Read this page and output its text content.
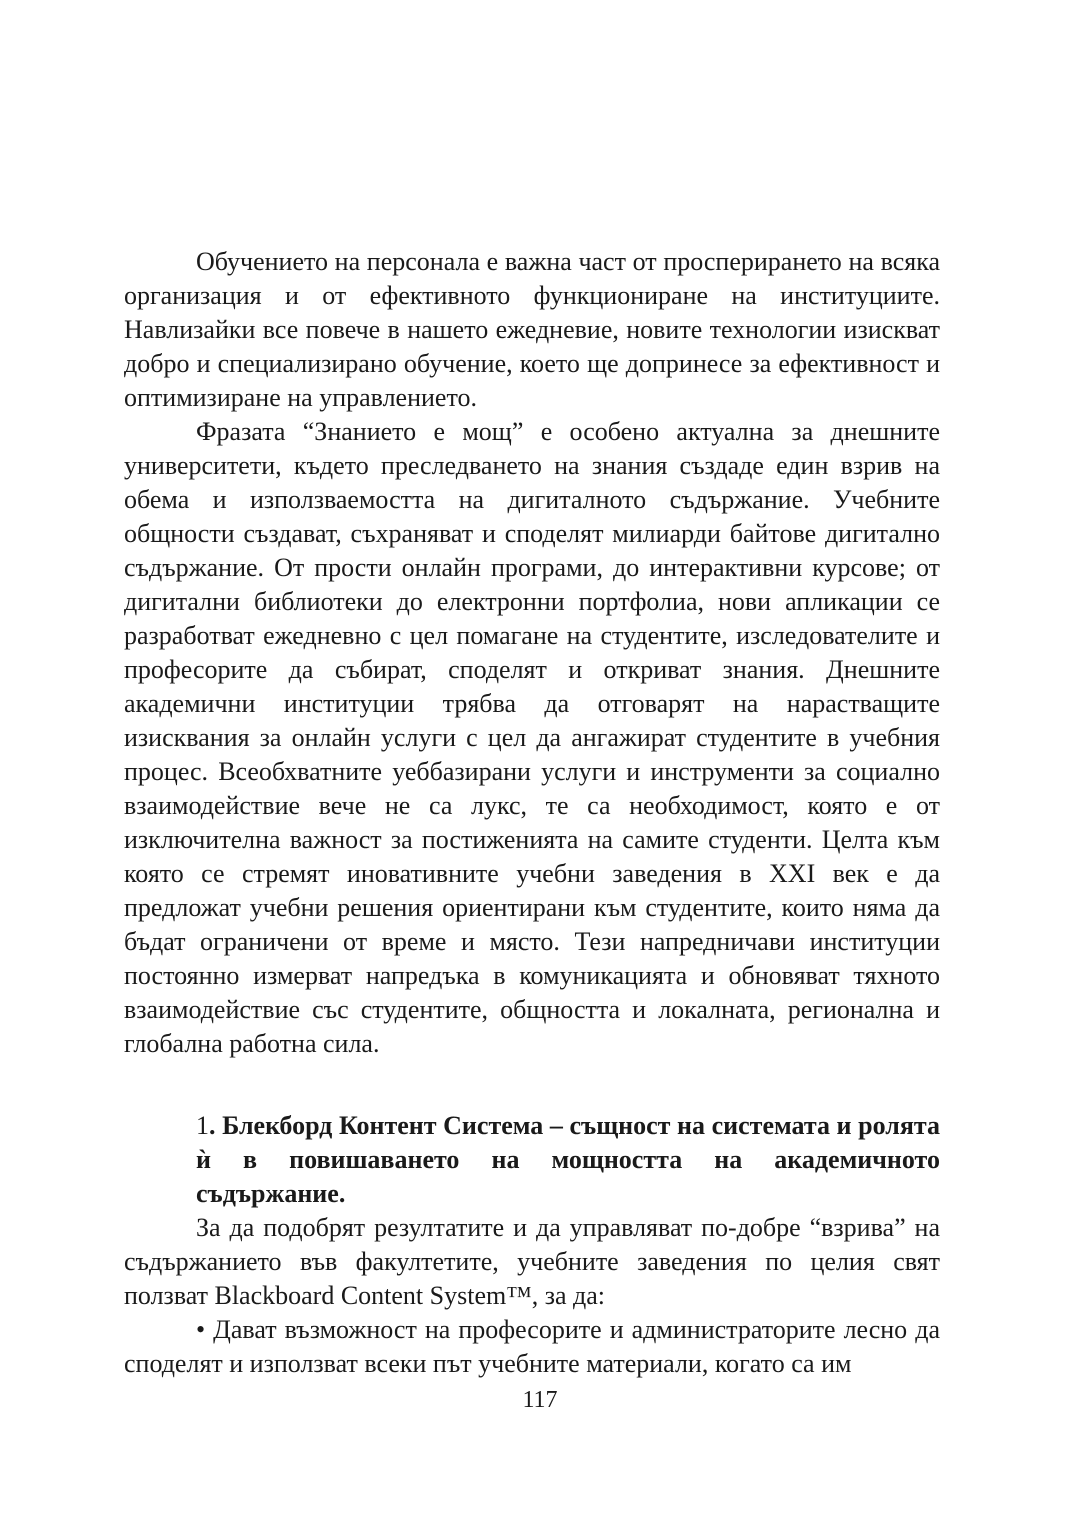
Обучението на персонала е важна част от просперирането на всяка организация и от ефективното функциониране на институциите. Навлизайки все повече в нашето ежедневие, новите технологии изискват добро и специализирано обучение, което ще допринесе за ефективност и оптимизиране на управлението.

Фразата “Знанието е мощ” е особено актуална за днешните университети, където преследването на знания създаде един взрив на обема и използваемостта на дигиталното съдържание. Учебните общности създават, съхраняват и споделят милиарди байтове дигитално съдържание. От прости онлайн програми, до интерактивни курсове; от дигитални библиотеки до електронни портфолиа, нови апликации се разработват ежедневно с цел помагане на студентите, изследователите и професорите да събират, споделят и откриват знания. Днешните академични институции трябва да отговарят на нарастващите изисквания за онлайн услуги с цел да ангажират студентите в учебния процес. Всеобхватните уеббазирани услуги и инструменти за социално взаимодействие вече не са лукс, те са необходимост, която е от изключителна важност за постиженията на самите студенти. Целта към която се стремят иновативните учебни заведения в XXI век е да предложат учебни решения ориентирани към студентите, които няма да бъдат ограничени от време и място. Тези напредничави институции постоянно измерват напредъка в комуникацията и обновяват тяхното взаимодействие със студентите, общността и локалната, регионална и глобална работна сила.

1. Блекборд Контент Система – същност на системата и ролята ѝ в повишаването на мощността на академичното съдържание.

За да подобрят резултатите и да управляват по-добре “взрива” на съдържанието във факултетите, учебните заведения по целия свят ползват Blackboard Content System™, за да:

• Дават възможност на професорите и администраторите лесно да споделят и използват всеки път учебните материали, когато са им

117
